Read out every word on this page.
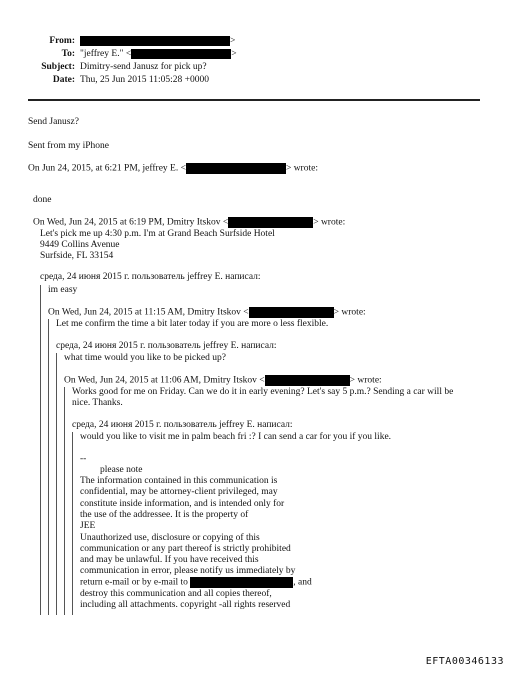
From:	>
To: "jeffrey E." <	>
Subject: Dimitry-send Janusz for pick up?
Date: Thu, 25 Jun 2015 11:05:28 +0000
Send Janusz?
Sent from my iPhone
On Jun 24, 2015, at 6:21 PM, jeffrey E. <	> wrote:
done
On Wed, Jun 24, 2015 at 6:19 PM, Dmitry Itskov <	> wrote:
Let's pick me up 4:30 p.m. I'm at Grand Beach Surfside Hotel
9449 Collins Avenue
Surfside, FL 33154
среда, 24 июня 2015 г. пользователь jeffrey E. написал:
im easy
On Wed, Jun 24, 2015 at 11:15 AM, Dmitry Itskov <	> wrote:
Let me confirm the time a bit later today if you are more o less flexible.
среда, 24 июня 2015 г. пользователь jeffrey E. написал:
what time would you like to be picked up?
On Wed, Jun 24, 2015 at 11:06 AM, Dmitry Itskov <	> wrote:
Works good for me on Friday. Can we do it in early evening? Let's say 5 p.m.? Sending a car will be
nice. Thanks.
среда, 24 июня 2015 г. пользователь jeffrey E. написал:
would you like to visit me in palm beach fri :? I can send a car for you if you like.
--
please note
The information contained in this communication is
confidential, may be attorney-client privileged, may
constitute inside information, and is intended only for
the use of the addressee. It is the property of
JEE
Unauthorized use, disclosure or copying of this
communication or any part thereof is strictly prohibited
and may be unlawful. If you have received this
communication in error, please notify us immediately by
return e-mail or by e-mail to	, and
destroy this communication and all copies thereof,
including all attachments. copyright -all rights reserved
EFTA00346133
